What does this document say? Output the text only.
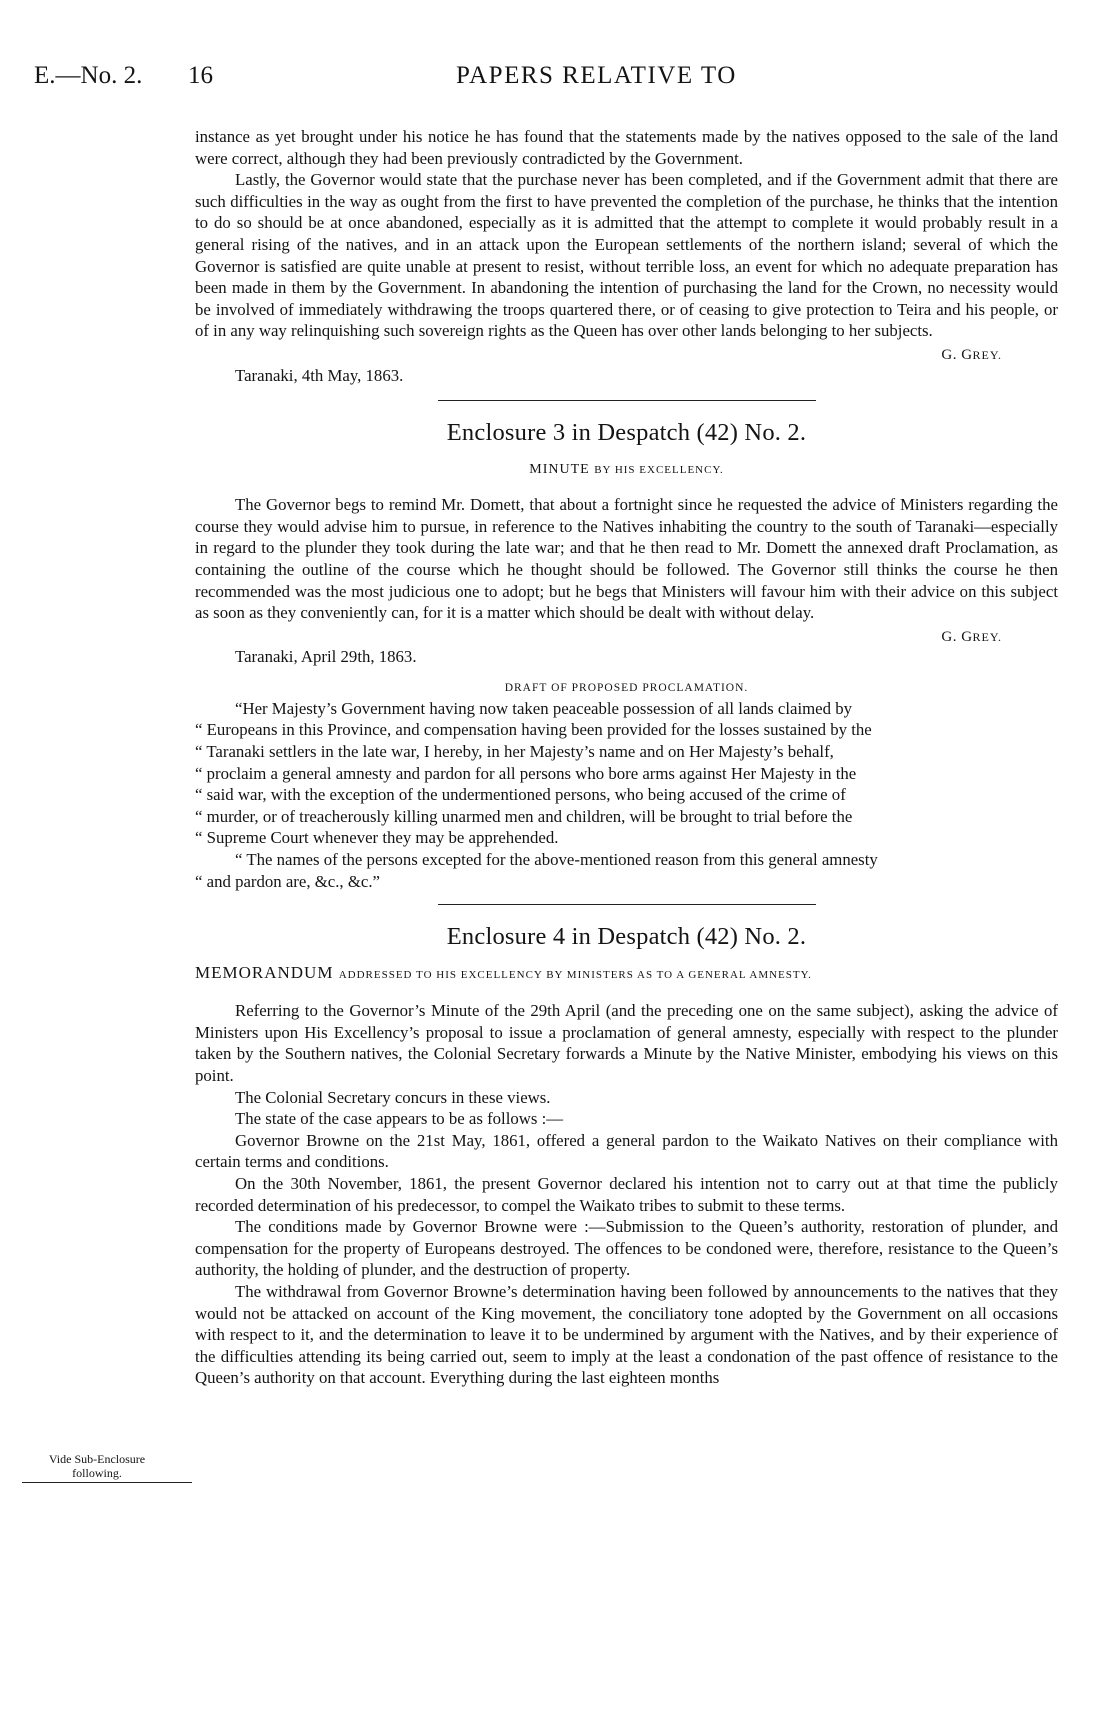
E.—No. 2. 16	PAPERS RELATIVE TO
Vide Sub-Enclosure
following.

instance as yet brought under his notice he has found that the statements made by the natives opposed to the sale of the land were correct, although they had been previously contradicted by the Government.

Lastly, the Governor would state that the purchase never has been completed, and if the Government admit that there are such difficulties in the way as ought from the first to have prevented the completion of the purchase, he thinks that the intention to do so should be at once abandoned, especially as it is admitted that the attempt to complete it would probably result in a general rising of the natives, and in an attack upon the European settlements of the northern island; several of which the Governor is satisfied are quite unable at present to resist, without terrible loss, an event for which no adequate preparation has been made in them by the Government. In abandoning the intention of purchasing the land for the Crown, no necessity would be involved of immediately withdrawing the troops quartered there, or of ceasing to give protection to Teira and his people, or of in any way relinquishing such sovereign rights as the Queen has over other lands belonging to her subjects.

G. GREY.
Taranaki, 4th May, 1863.
Enclosure 3 in Despatch (42) No. 2.
MINUTE BY HIS EXCELLENCY.

The Governor begs to remind Mr. Domett, that about a fortnight since he requested the advice of Ministers regarding the course they would advise him to pursue, in reference to the Natives inhabiting the country to the south of Taranaki—especially in regard to the plunder they took during the late war; and that he then read to Mr. Domett the annexed draft Proclamation, as containing the outline of the course which he thought should be followed. The Governor still thinks the course he then recommended was the most judicious one to adopt; but he begs that Ministers will favour him with their advice on this subject as soon as they conveniently can, for it is a matter which should be dealt with without delay.

G. GREY.
Taranaki, April 29th, 1863.
DRAFT OF PROPOSED PROCLAMATION.

“Her Majesty’s Government having now taken peaceable possession of all lands claimed by

“ Europeans in this Province, and compensation having been provided for the losses sustained by the

“ Taranaki settlers in the late war, I hereby, in her Majesty’s name and on Her Majesty’s behalf,

“ proclaim a general amnesty and pardon for all persons who bore arms against Her Majesty in the

“ said war, with the exception of the undermentioned persons, who being accused of the crime of

“ murder, or of treacherously killing unarmed men and children, will be brought to trial before the

“ Supreme Court whenever they may be apprehended.

“ The names of the persons excepted for the above-mentioned reason from this general amnesty

“ and pardon are, &c., &c.”

Enclosure 4 in Despatch (42) No. 2.
MEMORANDUM ADDRESSED TO HIS EXCELLENCY BY MINISTERS AS TO A GENERAL AMNESTY.

Referring to the Governor’s Minute of the 29th April (and the preceding one on the same subject), asking the advice of Ministers upon His Excellency’s proposal to issue a proclamation of general amnesty, especially with respect to the plunder taken by the Southern natives, the Colonial Secretary forwards a Minute by the Native Minister, embodying his views on this point.

The Colonial Secretary concurs in these views.

The state of the case appears to be as follows :—

Governor Browne on the 21st May, 1861, offered a general pardon to the Waikato Natives on their compliance with certain terms and conditions.

On the 30th November, 1861, the present Governor declared his intention not to carry out at that time the publicly recorded determination of his predecessor, to compel the Waikato tribes to submit to these terms.

The conditions made by Governor Browne were :—Submission to the Queen’s authority, restoration of plunder, and compensation for the property of Europeans destroyed. The offences to be condoned were, therefore, resistance to the Queen’s authority, the holding of plunder, and the destruction of property.

The withdrawal from Governor Browne’s determination having been followed by announcements to the natives that they would not be attacked on account of the King movement, the conciliatory tone adopted by the Government on all occasions with respect to it, and the determination to leave it to be undermined by argument with the Natives, and by their experience of the difficulties attending its being carried out, seem to imply at the least a condonation of the past offence of resistance to the Queen’s authority on that account. Everything during the last eighteen months
